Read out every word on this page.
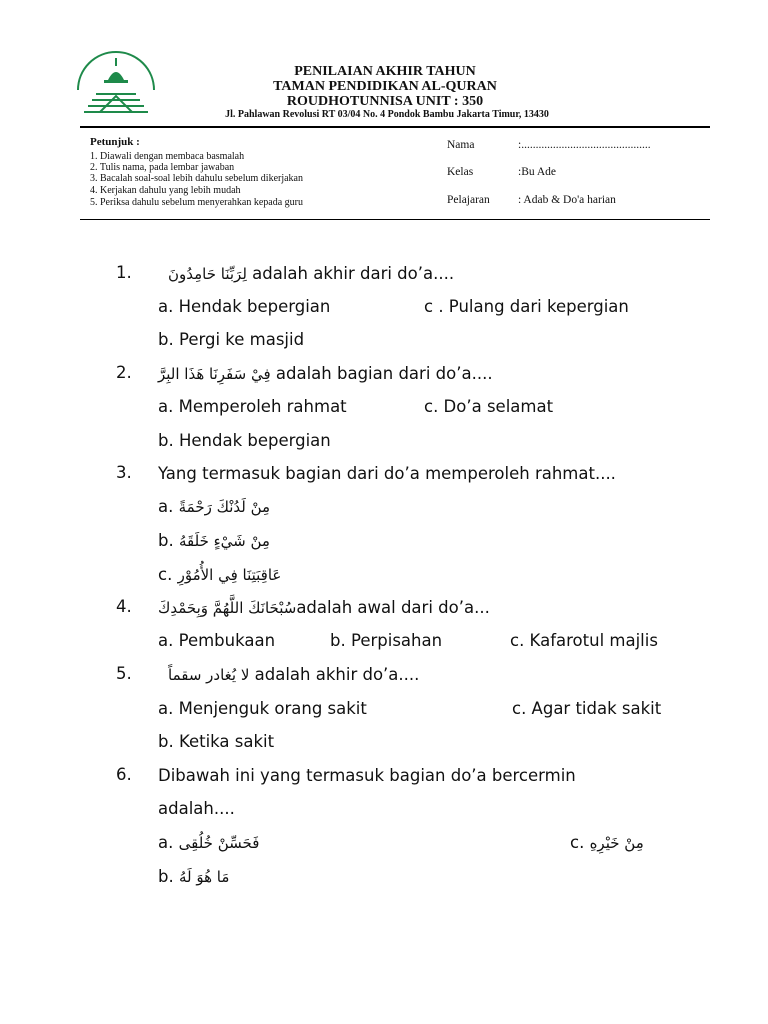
PENILAIAN AKHIR TAHUN
TAMAN PENDIDIKAN AL-QURAN
ROUDHOTUNNISA UNIT : 350
Jl. Pahlawan Revolusi RT 03/04 No. 4 Pondok Bambu Jakarta Timur, 13430
Petunjuk :
1. Diawali dengan membaca basmalah
2. Tulis nama, pada lembar jawaban
3. Bacalah soal-soal lebih dahulu sebelum dikerjakan
4. Kerjakan dahulu yang lebih mudah
5. Periksa dahulu sebelum menyerahkan kepada guru
Nama	:.............................................
Kelas	:Bu Ade
Pelajaran : Adab & Do'a harian
1. لِرَبِّنَا حَامِدُونَ adalah akhir dari do’a....
a. Hendak bepergian	c . Pulang dari kepergian
b. Pergi ke masjid
2. فِيْ سَفَرِنَا هَذَا البِرَّ adalah bagian dari do’a....
a. Memperoleh rahmat	c. Do’a selamat
b. Hendak bepergian
3. Yang termasuk bagian dari do’a memperoleh rahmat....
a. مِنْ لَدُنْكَ رَحْمَةً
b. مِنْ شَيْءٍ خَلَقَهُ
c. عَاقِبَتِنَا فِي الأُمُوْرِ
4. سُبْحَانَكَ اللَّهُمَّ وَبِحَمْدِكَadalah awal dari do’a...
a. Pembukaan	b. Perpisahan	c. Kafarotul majlis
5. لا يُغادر سقماً adalah akhir do’a....
a. Menjenguk orang sakit	c. Agar tidak sakit
b. Ketika sakit
6. Dibawah ini yang termasuk bagian do’a bercermin
adalah....
a. فَحَسِّنْ خُلُقِى	c. مِنْ خَيْرِهِ
b. مَا هُوَ لَهُ
